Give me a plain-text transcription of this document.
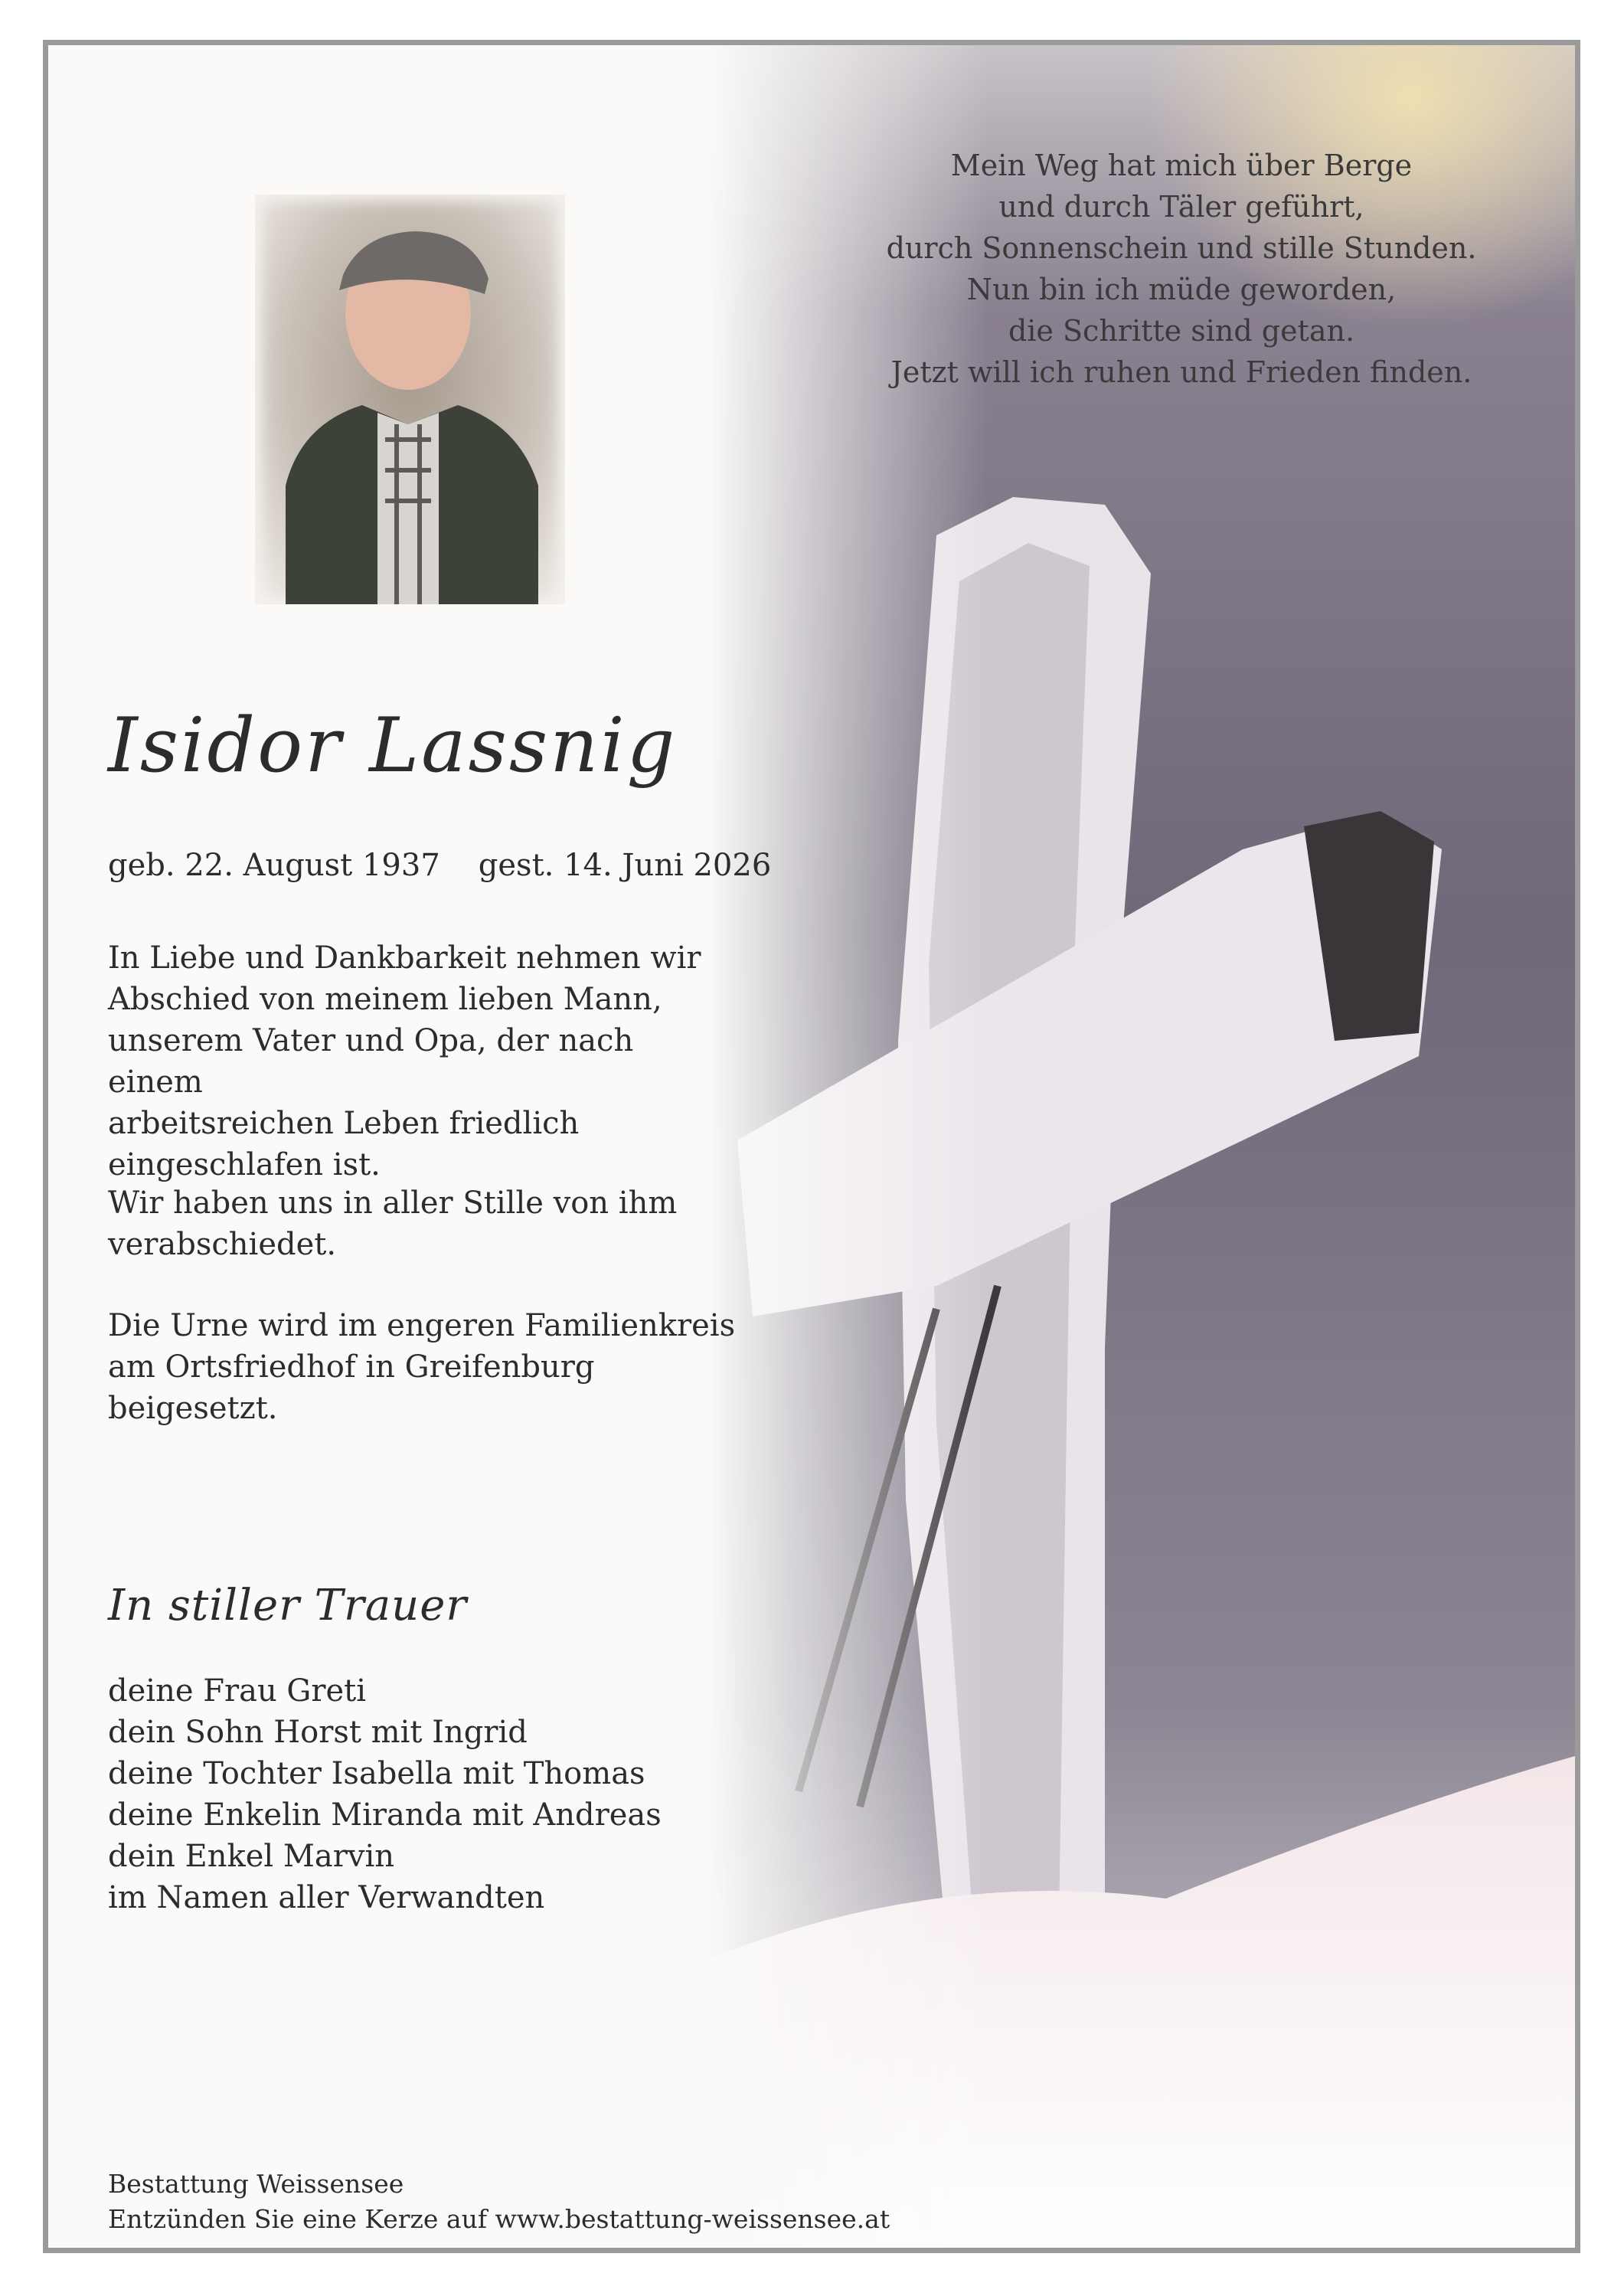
Mein Weg hat mich über Berge
und durch Täler geführt,
durch Sonnenschein und stille Stunden.
Nun bin ich müde geworden,
die Schritte sind getan.
Jetzt will ich ruhen und Frieden finden.
Isidor Lassnig
geb. 22. August 1937 gest. 14. Juni 2026
In Liebe und Dankbarkeit nehmen wir
Abschied von meinem lieben Mann,
unserem Vater und Opa, der nach einem
arbeitsreichen Leben friedlich
eingeschlafen ist.
Wir haben uns in aller Stille von ihm
verabschiedet.
Die Urne wird im engeren Familienkreis
am Ortsfriedhof in Greifenburg
beigesetzt.
In stiller Trauer
deine Frau Greti
dein Sohn Horst mit Ingrid
deine Tochter Isabella mit Thomas
deine Enkelin Miranda mit Andreas
dein Enkel Marvin
im Namen aller Verwandten
Bestattung Weissensee
Entzünden Sie eine Kerze auf www.bestattung-weissensee.at
